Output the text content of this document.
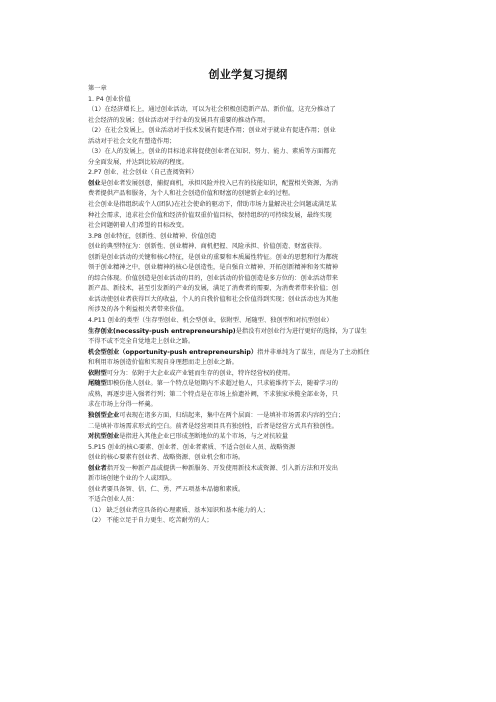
创业学复习提纲
第一章
1. P4 创业价值
（1）在经济增长上，通过创业活动，可以为社会积极创造新产品、新价值，这充分推动了
社会经济的发展；创业活动对于行业的发展具有重要的推动作用。
（2）在社会发展上，创业活动对于技术发展有促进作用；创业对于就业有促进作用；创业
活动对于社会文化有塑造作用；
（3）在人的发展上，创业的目标追求将促使创业者在知识、努力、能力、素质等方面都充
分全面发展，并达到比较高的程度。
2.P7 创业、社会创业（自己查阅资料）
创业是创业者发展创意，捕捉商机，承担风险并投入已有的技能知识，配置相关资源，为消
费者提供产品和服务，为个人和社会创造价值和财富的创建新企业的过程。
社会创业是指组织或个人(团队)在社会使命的驱动下，借助市场力量解决社会问题或满足某
种社会需求，追求社会价值和经济价值双重价值目标，保持组织的可持续发展，最终实现
社会问题朝着人们希望的目标改变。
3.P8 创业特征，创新性、创业精神、价值创造
创业的典型特征为：创新性、创业精神、商机把握、风险承担、价值创造、财富获得。
创新是创业活动的关键和核心特征，是创业的重要和本质属性特征。创业的思想和行为都统
领于创业精神之中，创业精神的核心是创造性，是自强自立精神、开拓创新精神和务实精神
的综合体现。价值创造是创业活动的目的，创业活动的价值创造是多方位的：创业活动带来
新产品、新技术，甚至引发新的产业的发展，满足了消费者的需要，为消费者带来价值；创
业活动使创业者获得巨大的收益，个人的自我价值和社会价值得到实现；创业活动也为其他
所涉及的各个利益相关者带来价值。
4.P11 创业的类型（生存型创业、机会型创业，依附型、尾随型、独创型和对抗型创业）
生存创业(necessity-push entrepreneurship)是指没有对创业行为进行更好的选择，为了谋生
不得不或不完全自觉地走上创业之路。
机会型创业（opportunity-push entrepreneurship）指并非单纯为了谋生，而是为了主动抓住
和利用市场创造价值和实现自身理想而走上创业之路。
依附型可分为：依附于大企业或产业链而生存的创业，特许经营权的使用。
尾随型即模仿他人创业。第一个特点是短期内不求超过他人，只求能维持下去，随着学习的
成熟，再逐步进入强者行列；第二个特点是在市场上拾遗补阙，不求独家承揽全部业务，只
求在市场上分得一杯羹。
独创型企业可表现在诸多方面，归结起来，集中在两个层面：一是填补市场需求内容的空白；
二是填补市场需求形式的空白。前者是经营项目具有独创性，后者是经营方式具有独创性。
对抗型创业是指进入其他企业已形成垄断地位的某个市场，与之对抗较量
5.P15 创业的核心要素、创业者、创业者素质、不适合创业人员、战略资源
创业的核心要素有创业者、战略资源、创业机会和市场。
创业者指开发一种新产品或提供一种新服务、开发使用新技术或资源、引入新方法和开发出
新市场创建个业的个人或团队。
创业者要具备智、信、仁、勇、严五项基本品德和素质。
不适合创业人员：
（1） 缺乏创业者应具备的心理素质、基本知识和基本能力的人；
（2） 不能立足于自力更生、吃苦耐劳的人；
